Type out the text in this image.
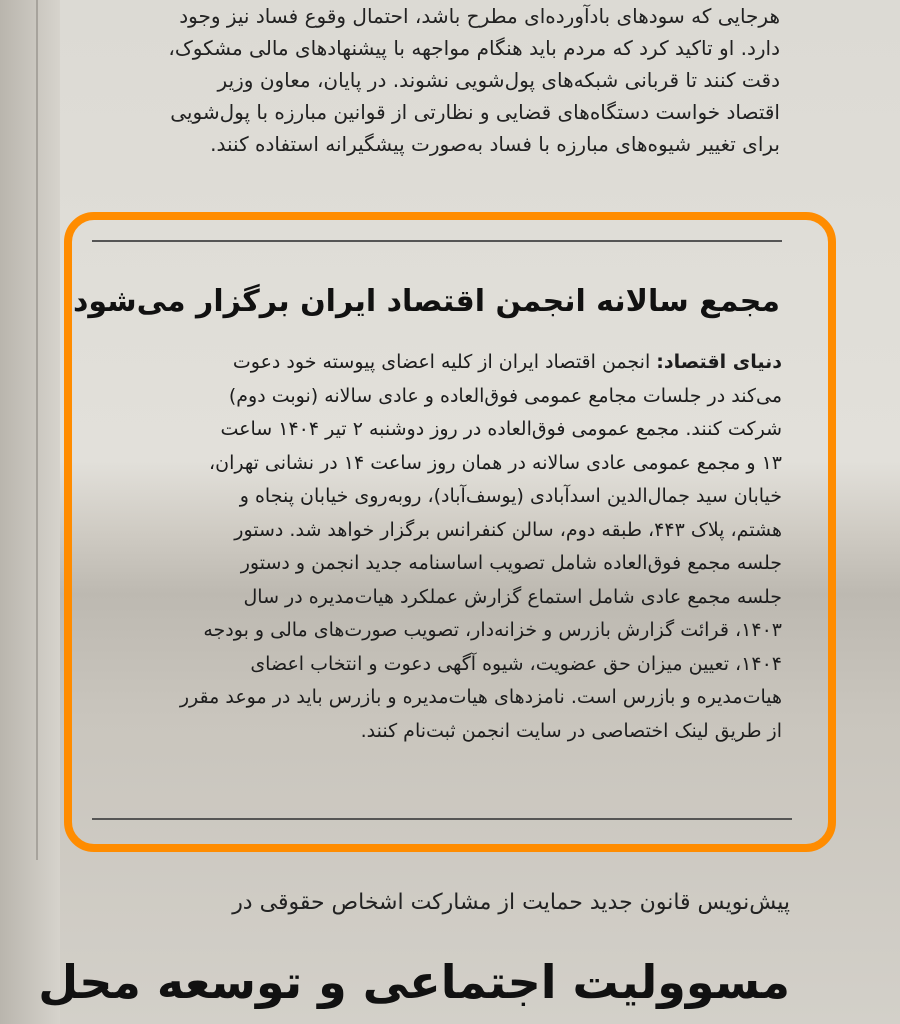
هرجایی که سودهای بادآورده‌ای مطرح باشد، احتمال وقوع فساد نیز وجود
دارد. او تاکید کرد که مردم باید هنگام مواجهه با پیشنهادهای مالی مشکوک،
دقت کنند تا قربانی شبکه‌های پول‌شویی نشوند. در پایان، معاون وزیر
اقتصاد خواست دستگاه‌های قضایی و نظارتی از قوانین مبارزه با پول‌شویی
برای تغییر شیوه‌های مبارزه با فساد به‌صورت پیشگیرانه استفاده کنند.
مجمع سالانه انجمن اقتصاد ایران برگزار می‌شود
دنیای اقتصاد: انجمن اقتصاد ایران از کلیه اعضای پیوسته خود دعوت
می‌کند در جلسات مجامع عمومی فوق‌العاده و عادی سالانه (نوبت دوم)
شرکت کنند. مجمع عمومی فوق‌العاده در روز دوشنبه ۲ تیر ۱۴۰۴ ساعت
۱۳ و مجمع عمومی عادی سالانه در همان روز ساعت ۱۴ در نشانی تهران،
خیابان سید جمال‌الدین اسدآبادی (یوسف‌آباد)، روبه‌روی خیابان پنجاه و
هشتم، پلاک ۴۴۳، طبقه دوم، سالن کنفرانس برگزار خواهد شد. دستور
جلسه مجمع فوق‌العاده شامل تصویب اساسنامه جدید انجمن و دستور
جلسه مجمع عادی شامل استماع گزارش عملکرد هیات‌مدیره در سال
۱۴۰۳، قرائت گزارش بازرس و خزانه‌دار، تصویب صورت‌های مالی و بودجه
۱۴۰۴، تعیین میزان حق عضویت، شیوه آگهی دعوت و انتخاب اعضای
هیات‌مدیره و بازرس است. نامزدهای هیات‌مدیره و بازرس باید در موعد مقرر
از طریق لینک اختصاصی در سایت انجمن ثبت‌نام کنند.
پیش‌نویس قانون جدید حمایت از مشارکت اشخاص حقوقی در
مسوولیت اجتماعی و توسعه محل
